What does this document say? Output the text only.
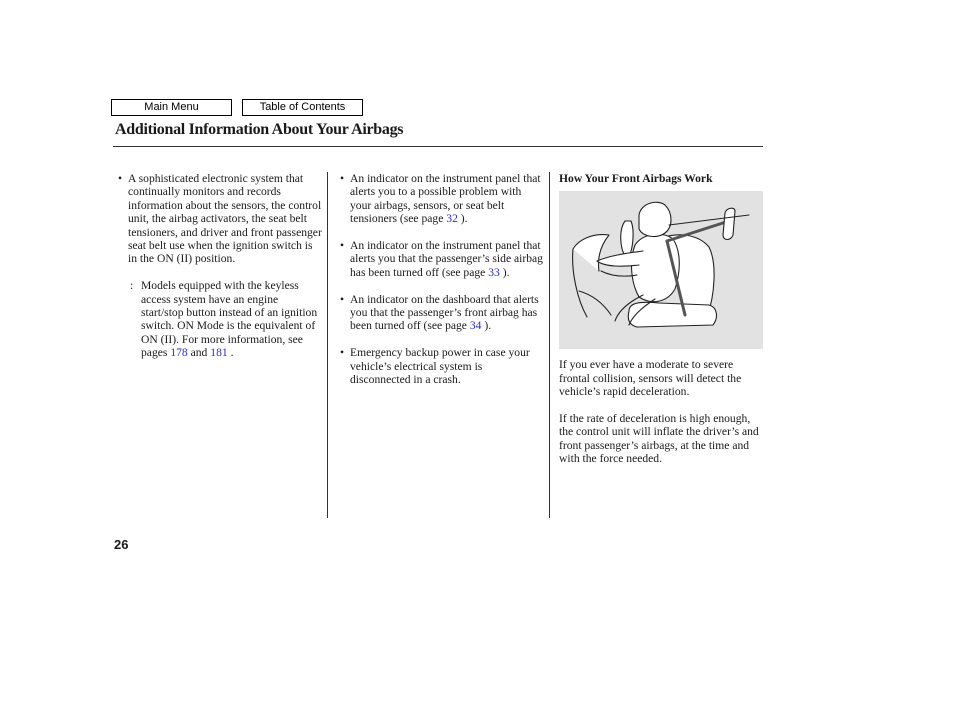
Main Menu	Table of Contents
Additional Information About Your Airbags
• A sophisticated electronic system that continually monitors and records information about the sensors, the control unit, the airbag activators, the seat belt tensioners, and driver and front passenger seat belt use when the ignition switch is in the ON (II) position.
: Models equipped with the keyless access system have an engine start/stop button instead of an ignition switch. ON Mode is the equivalent of ON (II). For more information, see pages 178 and 181 .
• An indicator on the instrument panel that alerts you to a possible problem with your airbags, sensors, or seat belt tensioners (see page 32 ).
• An indicator on the instrument panel that alerts you that the passenger’s side airbag has been turned off (see page 33 ).
• An indicator on the dashboard that alerts you that the passenger’s front airbag has been turned off (see page 34 ).
• Emergency backup power in case your vehicle’s electrical system is disconnected in a crash.
How Your Front Airbags Work
If you ever have a moderate to severe frontal collision, sensors will detect the vehicle’s rapid deceleration.
If the rate of deceleration is high enough, the control unit will inflate the driver’s and front passenger’s airbags, at the time and with the force needed.
26
